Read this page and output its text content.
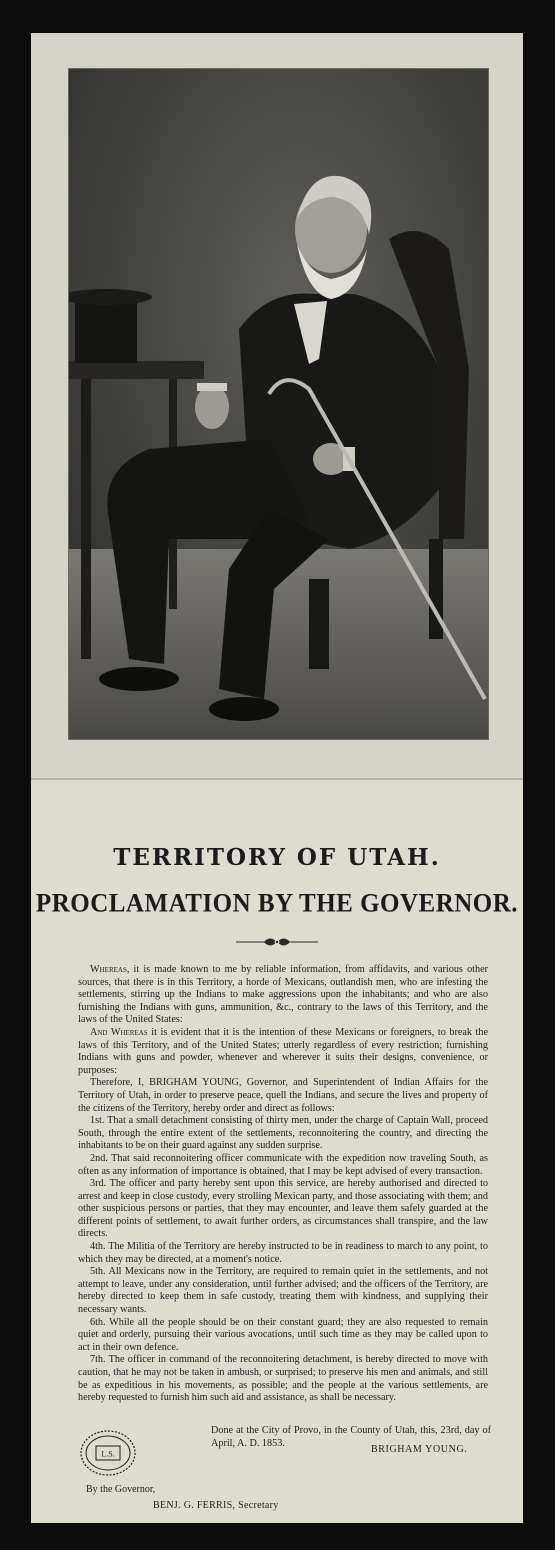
TERRITORY OF UTAH.
PROCLAMATION BY THE GOVERNOR.

Whereas, it is made known to me by reliable information, from affidavits, and various other sources, that there is in this Territory, a horde of Mexicans, outlandish men, who are infesting the settlements, stirring up the Indians to make aggressions upon the inhabitants; and who are also furnishing the Indians with guns, ammunition, &c., contrary to the laws of this Territory, and the laws of the United States:

And Whereas it is evident that it is the intention of these Mexicans or foreigners, to break the laws of this Territory, and of the United States; utterly regardless of every restriction; furnishing Indians with guns and powder, whenever and wherever it suits their designs, convenience, or purposes:

Therefore, I, BRIGHAM YOUNG, Governor, and Superintendent of Indian Affairs for the Territory of Utah, in order to preserve peace, quell the Indians, and secure the lives and property of the citizens of the Territory, hereby order and direct as follows:

1st. That a small detachment consisting of thirty men, under the charge of Captain Wall, proceed South, through the entire extent of the settlements, reconnoitering the country, and directing the inhabitants to be on their guard against any sudden surprise.

2nd. That said reconnoitering officer communicate with the expedition now traveling South, as often as any information of importance is obtained, that I may be kept advised of every transaction.

3rd. The officer and party hereby sent upon this service, are hereby authorised and directed to arrest and keep in close custody, every strolling Mexican party, and those associating with them; and other suspicious persons or parties, that they may encounter, and leave them safely guarded at the different points of settlement, to await further orders, as circumstances shall transpire, and the law directs.

4th. The Militia of the Territory are hereby instructed to be in readiness to march to any point, to which they may be directed, at a moment's notice.

5th. All Mexicans now in the Territory, are required to remain quiet in the settlements, and not attempt to leave, under any consideration, until further advised; and the officers of the Territory, are hereby directed to keep them in safe custody, treating them with kindness, and supplying their necessary wants.

6th. While all the people should be on their constant guard; they are also requested to remain quiet and orderly, pursuing their various avocations, until such time as they may be called upon to act in their own defence.

7th. The officer in command of the reconnoitering detachment, is hereby directed to move with caution, that he may not be taken in ambush, or surprised; to preserve his men and animals, and still be as expeditious in his movements, as possible; and the people at the various settlements, are hereby requested to furnish him such aid and assistance, as shall be necessary.

Done at the City of Provo, in the County of Utah, this, 23rd, day of April, A. D. 1853.
L.S.	BRIGHAM YOUNG.
By the Governor,
BENJ. G. FERRIS, Secretary
